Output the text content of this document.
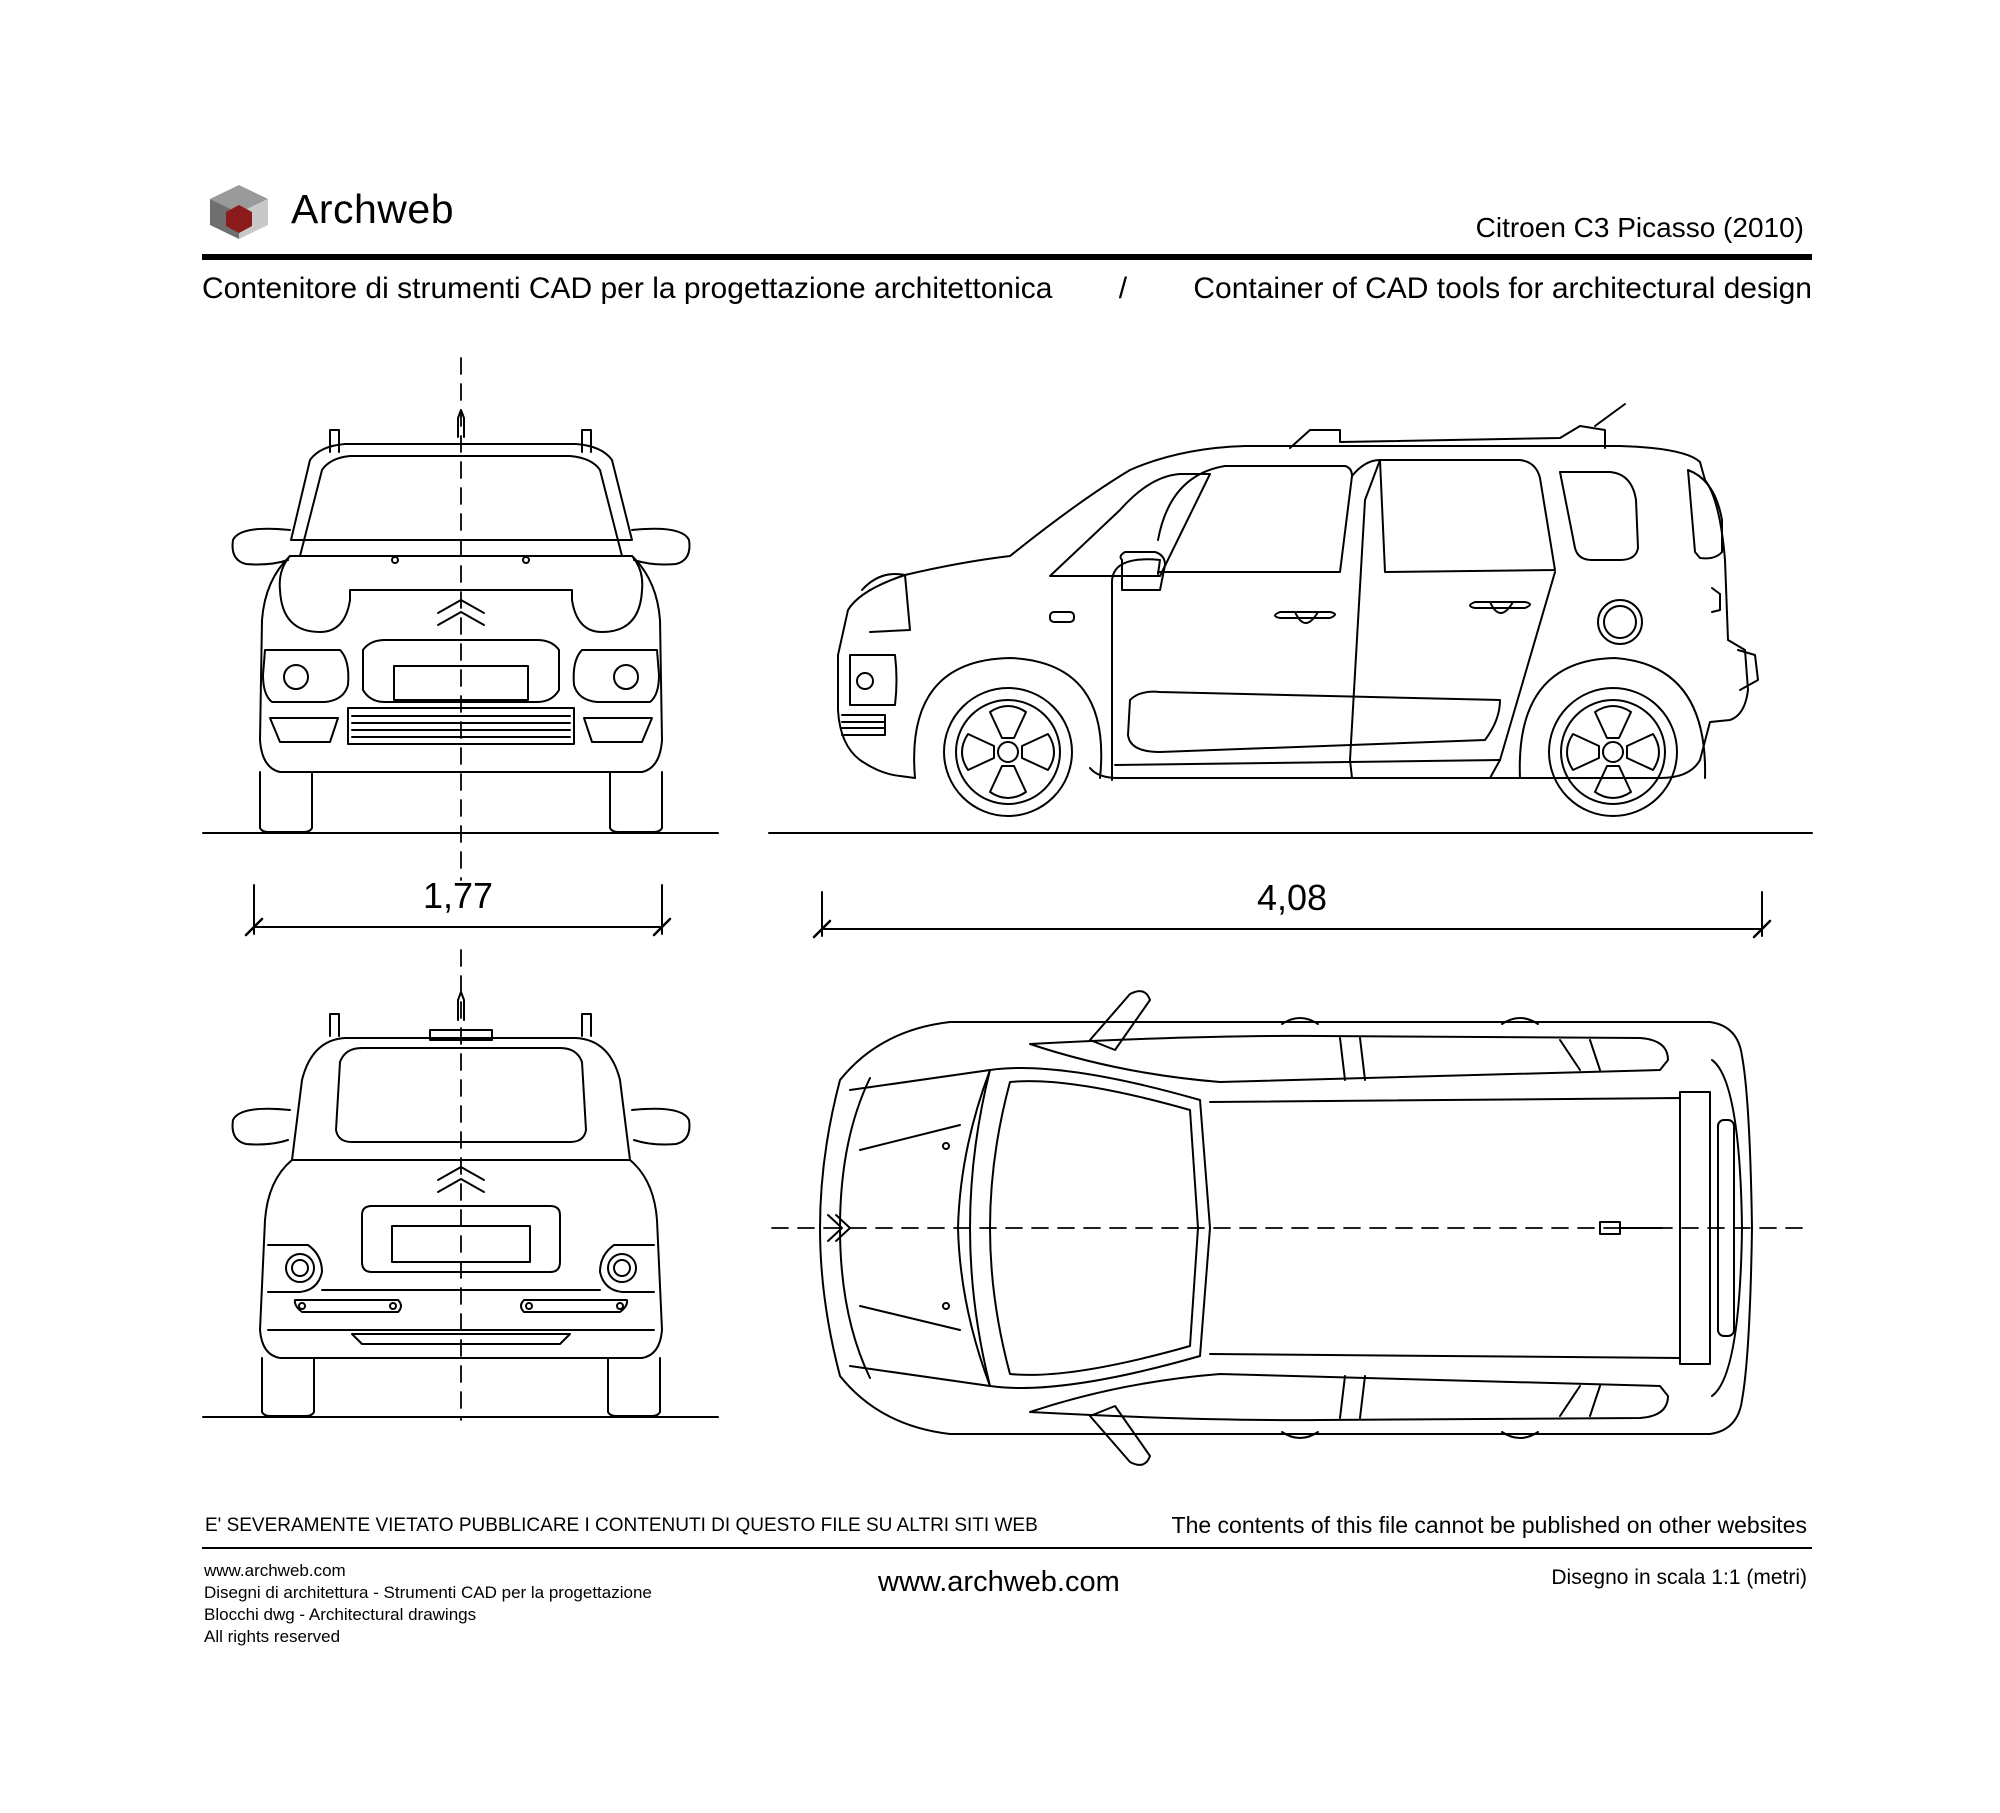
Archweb	Citroen C3 Picasso (2010)
Contenitore di strumenti CAD per la progettazione architettonica / Container of CAD tools for architectural design
1,77	4,08
E' SEVERAMENTE VIETATO PUBBLICARE I CONTENUTI DI QUESTO FILE SU ALTRI SITI WEB	The contents of this file cannot be published on other websites
www.archweb.com
Disegni di architettura - Strumenti CAD per la progettazione
Blocchi dwg - Architectural drawings
All rights reserved
www.archweb.com	Disegno in scala 1:1 (metri)
